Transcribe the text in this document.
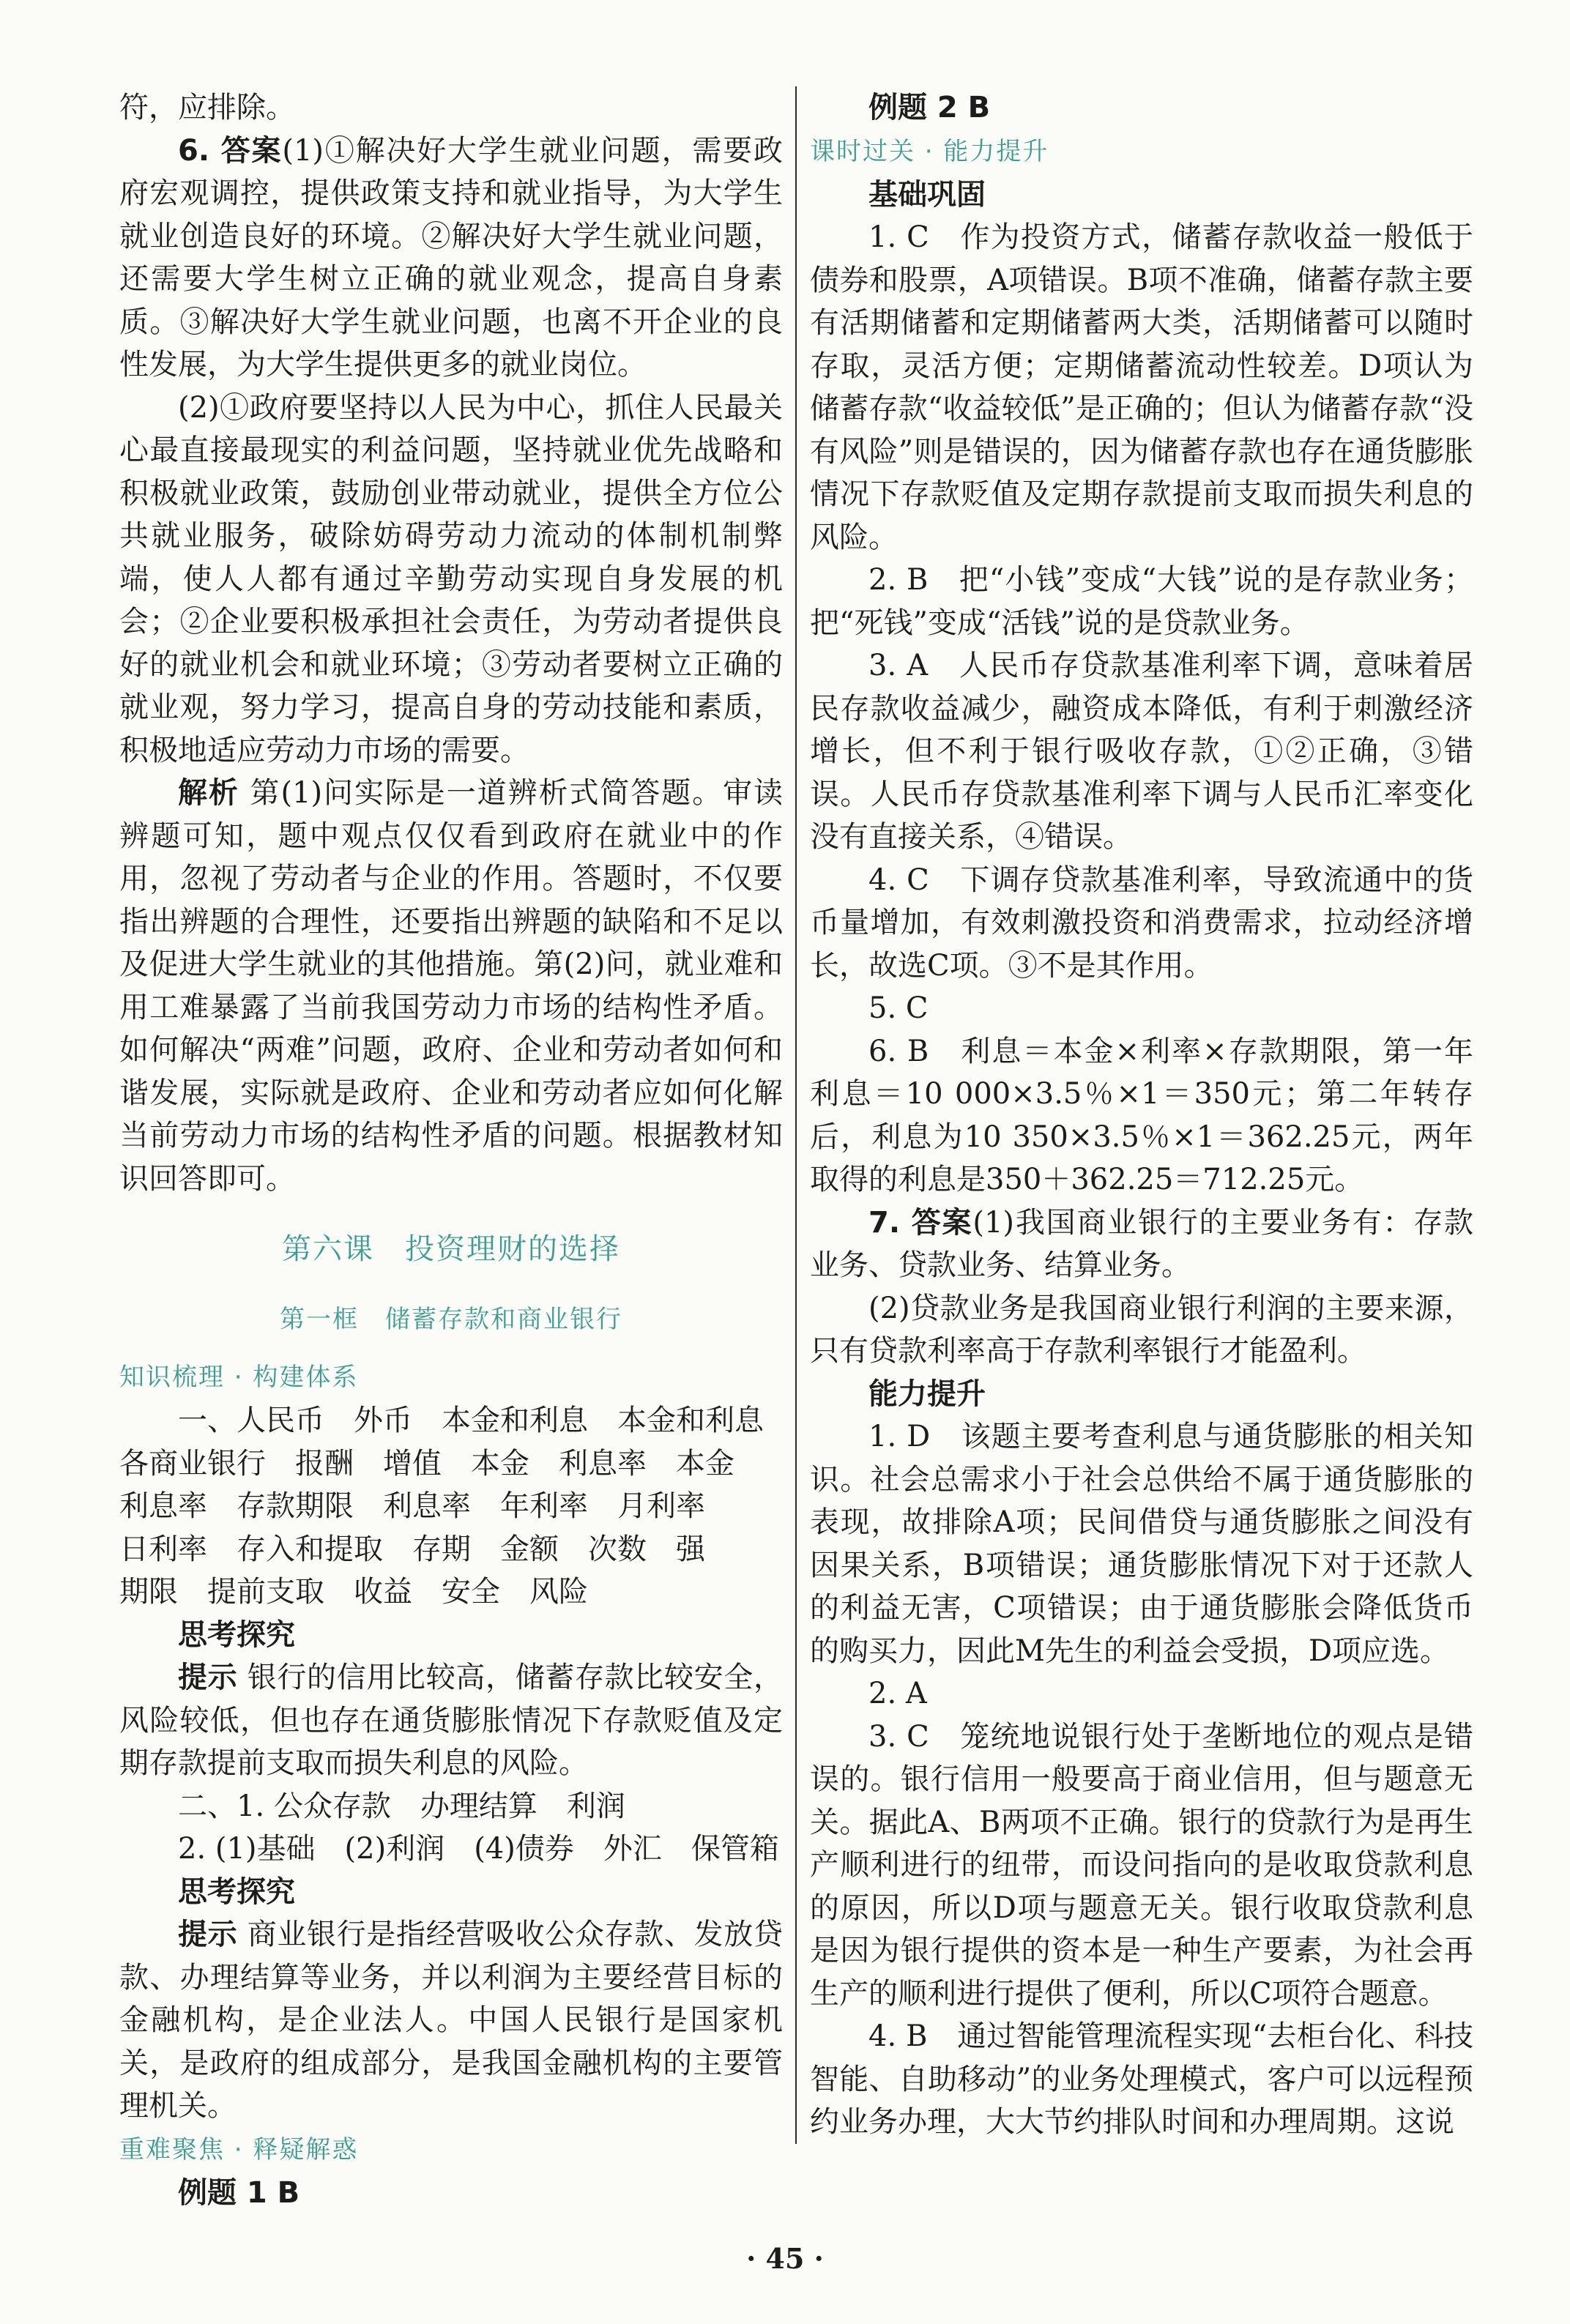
符，应排除。

6. 答案(1)①解决好大学生就业问题，需要政府宏观调控，提供政策支持和就业指导，为大学生就业创造良好的环境。②解决好大学生就业问题，还需要大学生树立正确的就业观念，提高自身素质。③解决好大学生就业问题，也离不开企业的良性发展，为大学生提供更多的就业岗位。

(2)①政府要坚持以人民为中心，抓住人民最关心最直接最现实的利益问题，坚持就业优先战略和积极就业政策，鼓励创业带动就业，提供全方位公共就业服务，破除妨碍劳动力流动的体制机制弊端，使人人都有通过辛勤劳动实现自身发展的机会；②企业要积极承担社会责任，为劳动者提供良好的就业机会和就业环境；③劳动者要树立正确的就业观，努力学习，提高自身的劳动技能和素质，积极地适应劳动力市场的需要。

解析 第(1)问实际是一道辨析式简答题。审读辨题可知，题中观点仅仅看到政府在就业中的作用，忽视了劳动者与企业的作用。答题时，不仅要指出辨题的合理性，还要指出辨题的缺陷和不足以及促进大学生就业的其他措施。第(2)问，就业难和用工难暴露了当前我国劳动力市场的结构性矛盾。如何解决“两难”问题，政府、企业和劳动者如何和谐发展，实际就是政府、企业和劳动者应如何化解当前劳动力市场的结构性矛盾的问题。根据教材知识回答即可。

第六课　投资理财的选择
第一框　储蓄存款和商业银行
知识梳理 · 构建体系

一、人民币　外币　本金和利息　本金和利息

各商业银行　报酬　增值　本金　利息率　本金

利息率　存款期限　利息率　年利率　月利率

日利率　存入和提取　存期　金额　次数　强

期限　提前支取　收益　安全　风险

思考探究

提示 银行的信用比较高，储蓄存款比较安全，风险较低，但也存在通货膨胀情况下存款贬值及定期存款提前支取而损失利息的风险。

二、1. 公众存款　办理结算　利润

2. (1)基础　(2)利润　(4)债券　外汇　保管箱

思考探究

提示 商业银行是指经营吸收公众存款、发放贷款、办理结算等业务，并以利润为主要经营目标的金融机构，是企业法人。中国人民银行是国家机关，是政府的组成部分，是我国金融机构的主要管理机关。

重难聚焦 · 释疑解惑

例题 1 B

例题 2 B

课时过关 · 能力提升

基础巩固

1. C　作为投资方式，储蓄存款收益一般低于债券和股票，A项错误。B项不准确，储蓄存款主要有活期储蓄和定期储蓄两大类，活期储蓄可以随时存取，灵活方便；定期储蓄流动性较差。D项认为储蓄存款“收益较低”是正确的；但认为储蓄存款“没有风险”则是错误的，因为储蓄存款也存在通货膨胀情况下存款贬值及定期存款提前支取而损失利息的风险。

2. B　把“小钱”变成“大钱”说的是存款业务；把“死钱”变成“活钱”说的是贷款业务。

3. A　人民币存贷款基准利率下调，意味着居民存款收益减少，融资成本降低，有利于刺激经济增长，但不利于银行吸收存款，①②正确，③错误。人民币存贷款基准利率下调与人民币汇率变化没有直接关系，④错误。

4. C　下调存贷款基准利率，导致流通中的货币量增加，有效刺激投资和消费需求，拉动经济增长，故选C项。③不是其作用。

5. C

6. B　利息＝本金×利率×存款期限，第一年利息＝10 000×3.5％×1＝350元；第二年转存后，利息为10 350×3.5％×1＝362.25元，两年取得的利息是350＋362.25＝712.25元。

7. 答案(1)我国商业银行的主要业务有：存款业务、贷款业务、结算业务。

(2)贷款业务是我国商业银行利润的主要来源，只有贷款利率高于存款利率银行才能盈利。

能力提升

1. D　该题主要考查利息与通货膨胀的相关知识。社会总需求小于社会总供给不属于通货膨胀的表现，故排除A项；民间借贷与通货膨胀之间没有因果关系，B项错误；通货膨胀情况下对于还款人的利益无害，C项错误；由于通货膨胀会降低货币的购买力，因此M先生的利益会受损，D项应选。

2. A

3. C　笼统地说银行处于垄断地位的观点是错误的。银行信用一般要高于商业信用，但与题意无关。据此A、B两项不正确。银行的贷款行为是再生产顺利进行的纽带，而设问指向的是收取贷款利息的原因，所以D项与题意无关。银行收取贷款利息是因为银行提供的资本是一种生产要素，为社会再生产的顺利进行提供了便利，所以C项符合题意。

4. B　通过智能管理流程实现“去柜台化、科技智能、自助移动”的业务处理模式，客户可以远程预约业务办理，大大节约排队时间和办理周期。这说

· 45 ·
